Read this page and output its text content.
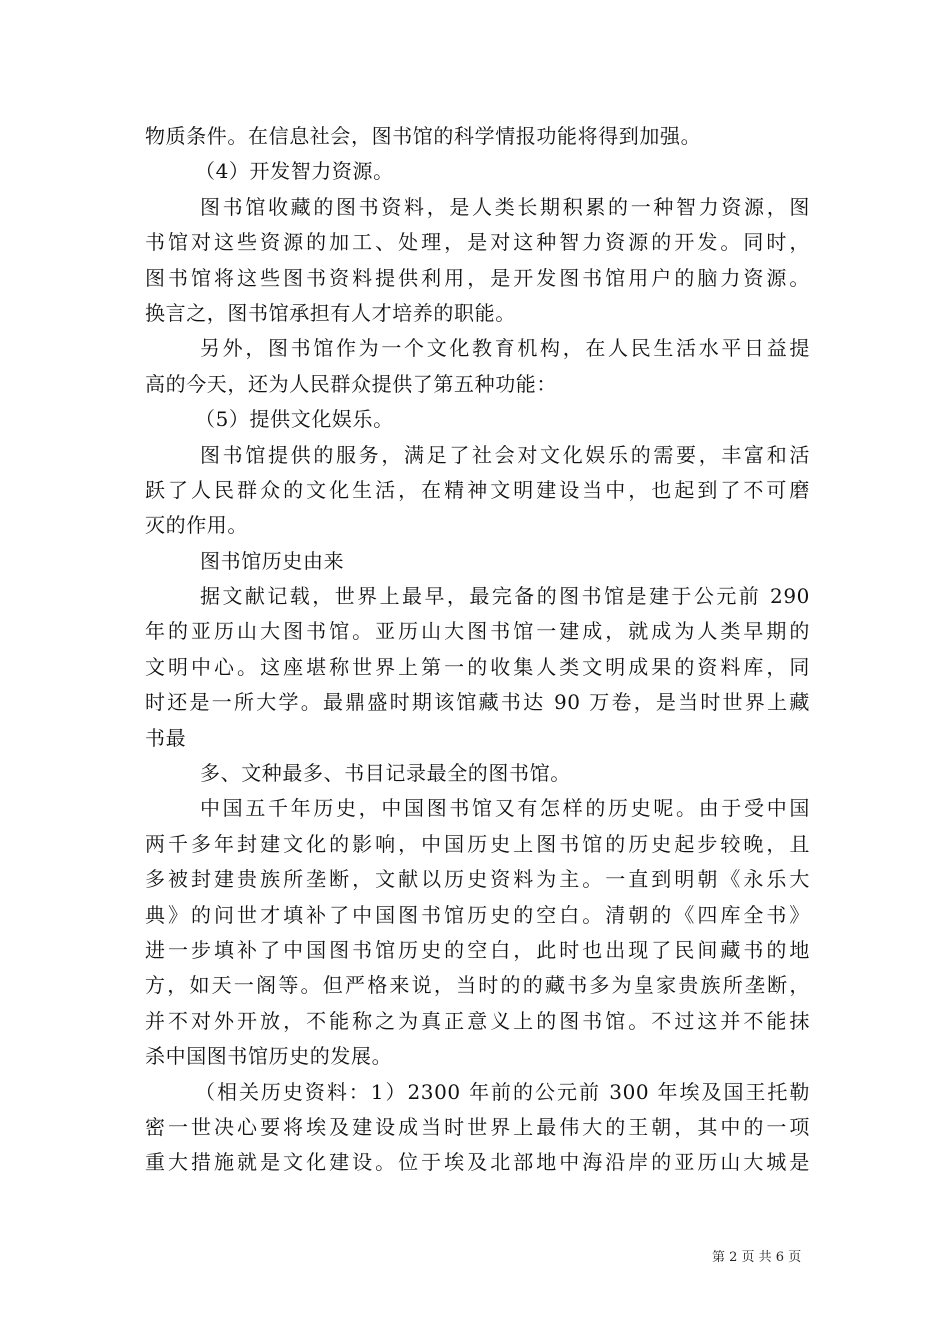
物质条件。在信息社会，图书馆的科学情报功能将得到加强。
（4）开发智力资源。
图书馆收藏的图书资料，是人类长期积累的一种智力资源，图
书馆对这些资源的加工、处理，是对这种智力资源的开发。同时，
图书馆将这些图书资料提供利用，是开发图书馆用户的脑力资源。
换言之，图书馆承担有人才培养的职能。
另外，图书馆作为一个文化教育机构，在人民生活水平日益提
高的今天，还为人民群众提供了第五种功能：
（5）提供文化娱乐。
图书馆提供的服务，满足了社会对文化娱乐的需要，丰富和活
跃了人民群众的文化生活，在精神文明建设当中，也起到了不可磨
灭的作用。
图书馆历史由来
据文献记载，世界上最早，最完备的图书馆是建于公元前 290
年的亚历山大图书馆。亚历山大图书馆一建成，就成为人类早期的
文明中心。这座堪称世界上第一的收集人类文明成果的资料库，同
时还是一所大学。最鼎盛时期该馆藏书达 90 万卷，是当时世界上藏
书最
多、文种最多、书目记录最全的图书馆。
中国五千年历史，中国图书馆又有怎样的历史呢。由于受中国
两千多年封建文化的影响，中国历史上图书馆的历史起步较晚，且
多被封建贵族所垄断，文献以历史资料为主。一直到明朝《永乐大
典》的问世才填补了中国图书馆历史的空白。清朝的《四库全书》
进一步填补了中国图书馆历史的空白，此时也出现了民间藏书的地
方，如天一阁等。但严格来说，当时的的藏书多为皇家贵族所垄断，
并不对外开放，不能称之为真正意义上的图书馆。不过这并不能抹
杀中国图书馆历史的发展。
（相关历史资料：1）2300 年前的公元前 300 年埃及国王托勒
密一世决心要将埃及建设成当时世界上最伟大的王朝，其中的一项
重大措施就是文化建设。位于埃及北部地中海沿岸的亚历山大城是
第 2 页 共 6 页
